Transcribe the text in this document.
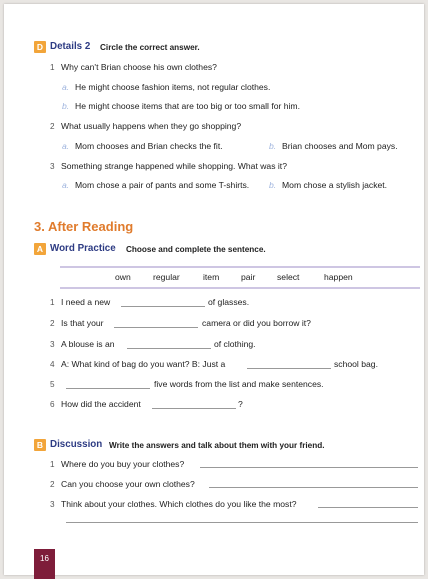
D Details 2 Circle the correct answer.
1 Why can't Brian choose his own clothes?
a. He might choose fashion items, not regular clothes.
b. He might choose items that are too big or too small for him.
2 What usually happens when they go shopping?
a. Mom chooses and Brian checks the fit.	b. Brian chooses and Mom pays.
3 Something strange happened while shopping. What was it?
a. Mom chose a pair of pants and some T-shirts. b. Mom chose a stylish jacket.
3. After Reading
A Word Practice Choose and complete the sentence.
own	regular	item	pair	select	happen
1 I need a new	of glasses.
2 Is that your	camera or did you borrow it?
3 A blouse is an	of clothing.
4 A: What kind of bag do you want? B: Just a	school bag.
5	five words from the list and make sentences.
6 How did the accident	?
B Discussion Write the answers and talk about them with your friend.
1 Where do you buy your clothes?
2 Can you choose your own clothes?
3 Think about your clothes. Which clothes do you like the most?
16
